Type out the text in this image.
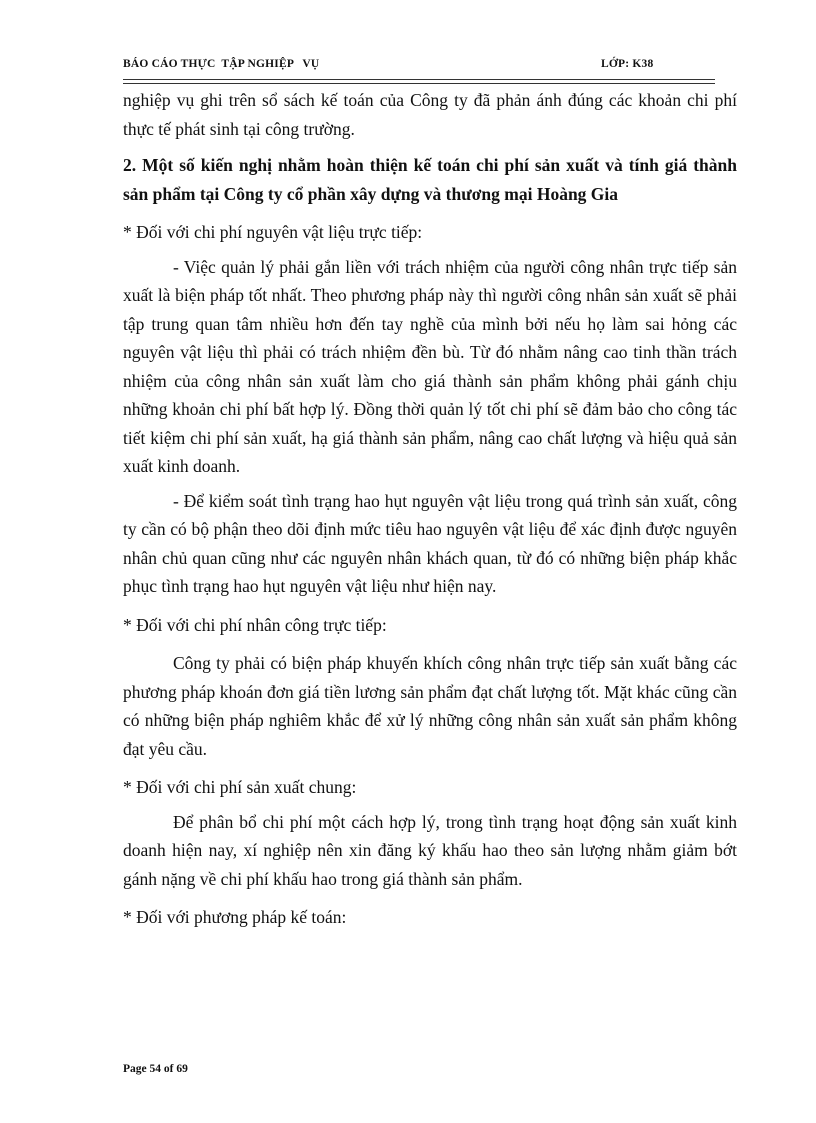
BÁO CÁO THỰC  TẬP NGHIỆP   VỤ	LỚP: K38

nghiệp vụ ghi trên sổ sách kế toán của Công ty đã phản ánh đúng các khoản chi phí thực tế phát sinh tại công trường.

2. Một số kiến nghị nhằm hoàn thiện kế toán chi phí sản xuất và tính giá thành sản phẩm tại Công ty cổ phần xây dựng và thương mại Hoàng Gia

* Đối với chi phí nguyên vật liệu trực tiếp:

- Việc quản lý phải gắn liền với trách nhiệm của người công nhân trực tiếp sản xuất là biện pháp tốt nhất. Theo phương pháp này thì người công nhân sản xuất sẽ phải tập trung quan tâm nhiều hơn đến tay nghề của mình bởi nếu họ làm sai hỏng các nguyên vật liệu thì phải có trách nhiệm đền bù. Từ đó nhằm nâng cao tinh thần trách nhiệm của công nhân sản xuất làm cho giá thành sản phẩm không phải gánh chịu những khoản chi phí bất hợp lý. Đồng thời quản lý tốt chi phí sẽ đảm bảo cho công tác tiết kiệm chi phí sản xuất, hạ giá thành sản phẩm, nâng cao chất lượng và hiệu quả sản xuất kinh doanh.

- Để kiểm soát tình trạng hao hụt nguyên vật liệu trong quá trình sản xuất, công ty cần có bộ phận theo dõi định mức tiêu hao nguyên vật liệu để xác định được nguyên nhân chủ quan cũng như các nguyên nhân khách quan, từ đó có những biện pháp khắc phục tình trạng hao hụt nguyên vật liệu như hiện nay.

* Đối với chi phí nhân công trực tiếp:

Công ty phải có biện pháp khuyến khích công nhân trực tiếp sản xuất bằng các phương pháp khoán đơn giá tiền lương sản phẩm đạt chất lượng tốt. Mặt khác cũng cần có những biện pháp nghiêm khắc để xử lý những công nhân sản xuất sản phẩm không đạt yêu cầu.

* Đối với chi phí sản xuất chung:

Để phân bổ chi phí một cách hợp lý, trong tình trạng hoạt động sản xuất kinh doanh hiện nay, xí nghiệp nên xin đăng ký khấu hao theo sản lượng nhằm giảm bớt gánh nặng về chi phí khấu hao trong giá thành sản phẩm.

* Đối với phương pháp kế toán:

Page 54 of 69
